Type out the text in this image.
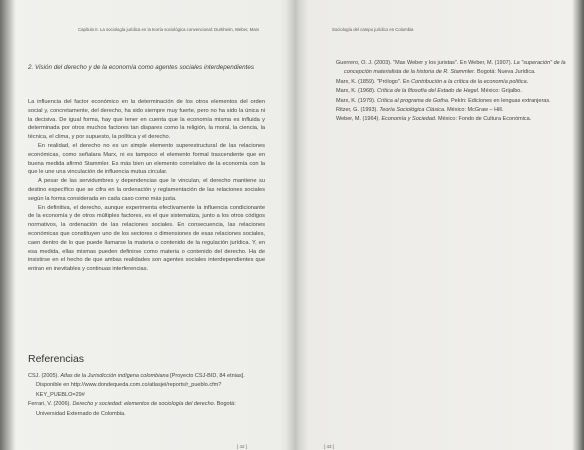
Capítulo II. La sociología jurídica en la teoría sociológica convencional: Durkheim, Weber, Marx
2. Visión del derecho y de la economía como agentes sociales interdependientes

La influencia del factor económico en la determinación de los otros elementos del orden social y, concretamente, del derecho, ha sido siempre muy fuerte, pero no ha sido la única ni la decisiva. De igual forma, hay que tener en cuenta que la economía misma es influida y determinada por otros muchos factores tan dispares como la religión, la moral, la ciencia, la técnica, el clima, y por supuesto, la política y el derecho.

En realidad, el derecho no es un simple elemento superestructural de las relaciones económicas, como señalara Marx, ni es tampoco el elemento formal trascendente que en buena medida afirmó Stammler. Es más bien un elemento correlativo de la economía con la que le une una vinculación de influencia mutua circular.

A pesar de las servidumbres y dependencias que le vinculan, el derecho mantiene su destino específico que se cifra en la ordenación y reglamentación de las relaciones sociales según la forma considerada en cada caso como más justa.

En definitiva, el derecho, aunque experimenta efectivamente la influencia condicionante de la economía y de otros múltiples factores, es el que sistematiza, junto a los otros códigos normativos, la ordenación de las relaciones sociales. En consecuencia, las relaciones económicas que constituyen uno de los sectores o dimensiones de esas relaciones sociales, caen dentro de lo que puede llamarse la materia o contenido de la regulación jurídica. Y, en esa medida, ellas mismas pueden definirse como materia o contenido del derecho. Ha de insistirse en el hecho de que ambas realidades son agentes sociales interdependientes que entran en inevitables y continuas interferencias.

Referencias
CSJ. (2005). Atlas de la Jurisdicción indígena colombiana [Proyecto CSJ-BID, 84 etnias]. Disponible en http://www.dondequeda.com.co/atlasjei/reports/r_pueblo.cfm?KEY_PUEBLO=29#
Ferrari, V. (2006). Derecho y sociedad: elementos de sociología del derecho. Bogotá: Universidad Externado de Colombia.
[ 42 ]
Sociología del campo jurídico en Colombia
Guerrero, O. J. (2003). "Max Weber y los juristas". En Weber, M. (1907). La "superación" de la concepción materialista de la historia de R. Stammler. Bogotá: Nueva Jurídica.
Marx, K. (1859). "Prólogo". En Contribución a la crítica de la economía política.
Marx, K. (1968). Crítica de la filosofía del Estado de Hegel. México: Grijalbo.
Marx, K. (1979). Crítica al programa de Gotha. Pekín: Ediciones en lenguas extranjeras.
Ritzer, G. (1993). Teoría Sociológica Clásica. México: McGraw – Hill.
Weber, M. (1964). Economía y Sociedad. México: Fondo de Cultura Económica.
[ 43 ]
